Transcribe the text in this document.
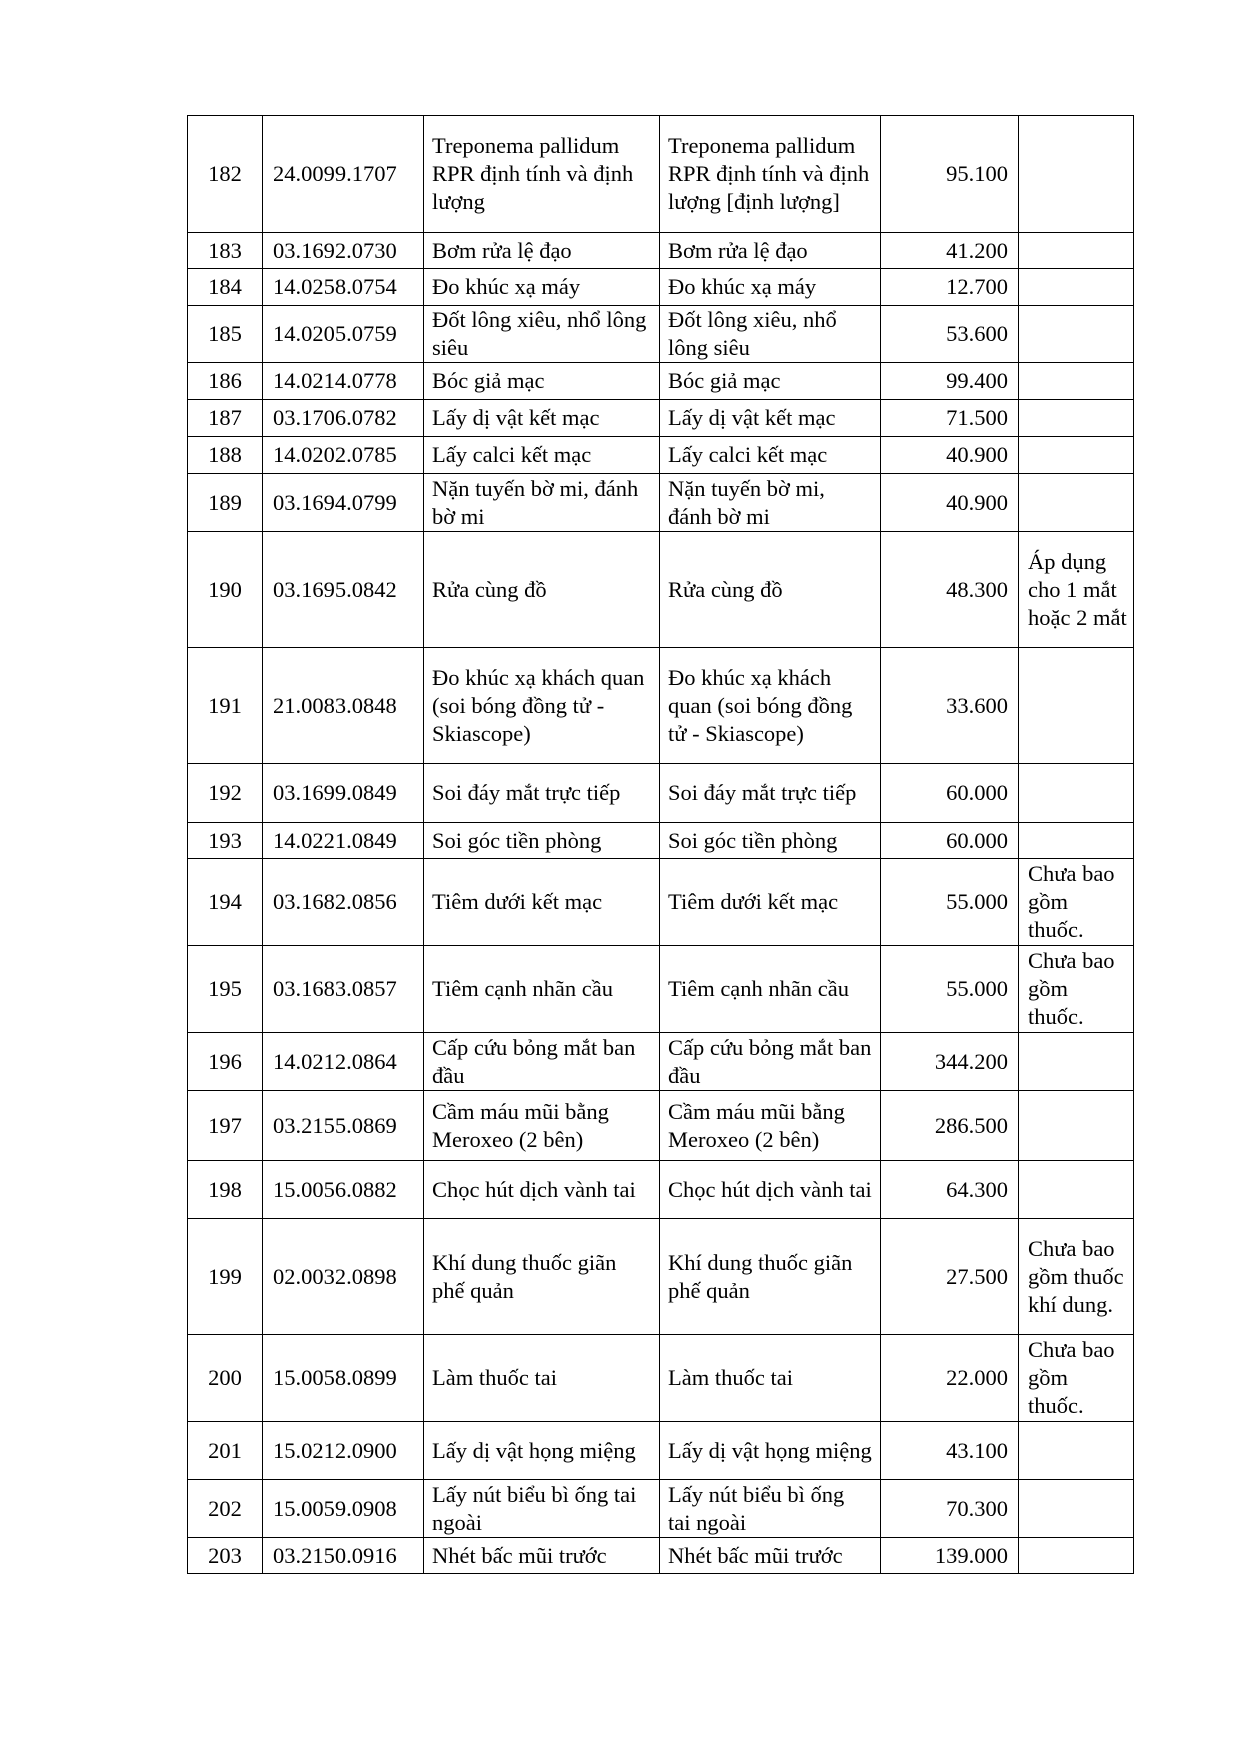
182	24.0099.1707	Treponema pallidum RPR định tính và định lượng	Treponema pallidum RPR định tính và định lượng [định lượng]	95.100	
183	03.1692.0730	Bơm rửa lệ đạo	Bơm rửa lệ đạo	41.200	
184	14.0258.0754	Đo khúc xạ máy	Đo khúc xạ máy	12.700	
185	14.0205.0759	Đốt lông xiêu, nhổ lông siêu	Đốt lông xiêu, nhổ lông siêu	53.600	
186	14.0214.0778	Bóc giả mạc	Bóc giả mạc	99.400	
187	03.1706.0782	Lấy dị vật kết mạc	Lấy dị vật kết mạc	71.500	
188	14.0202.0785	Lấy calci kết mạc	Lấy calci kết mạc	40.900	
189	03.1694.0799	Nặn tuyến bờ mi, đánh bờ mi	Nặn tuyến bờ mi, đánh bờ mi	40.900	
190	03.1695.0842	Rửa cùng đồ	Rửa cùng đồ	48.300	Áp dụng cho 1 mắt hoặc 2 mắt
191	21.0083.0848	Đo khúc xạ khách quan (soi bóng đồng tử - Skiascope)	Đo khúc xạ khách quan (soi bóng đồng tử - Skiascope)	33.600	
192	03.1699.0849	Soi đáy mắt trực tiếp	Soi đáy mắt trực tiếp	60.000	
193	14.0221.0849	Soi góc tiền phòng	Soi góc tiền phòng	60.000	
194	03.1682.0856	Tiêm dưới kết mạc	Tiêm dưới kết mạc	55.000	Chưa bao gồm thuốc.
195	03.1683.0857	Tiêm cạnh nhãn cầu	Tiêm cạnh nhãn cầu	55.000	Chưa bao gồm thuốc.
196	14.0212.0864	Cấp cứu bỏng mắt ban đầu	Cấp cứu bỏng mắt ban đầu	344.200	
197	03.2155.0869	Cầm máu mũi bằng Meroxeo (2 bên)	Cầm máu mũi bằng Meroxeo (2 bên)	286.500	
198	15.0056.0882	Chọc hút dịch vành tai	Chọc hút dịch vành tai	64.300	
199	02.0032.0898	Khí dung thuốc giãn phế quản	Khí dung thuốc giãn phế quản	27.500	Chưa bao gồm thuốc khí dung.
200	15.0058.0899	Làm thuốc tai	Làm thuốc tai	22.000	Chưa bao gồm thuốc.
201	15.0212.0900	Lấy dị vật họng miệng	Lấy dị vật họng miệng	43.100	
202	15.0059.0908	Lấy nút biểu bì ống tai ngoài	Lấy nút biểu bì ống tai ngoài	70.300	
203	03.2150.0916	Nhét bấc mũi trước	Nhét bấc mũi trước	139.000	
